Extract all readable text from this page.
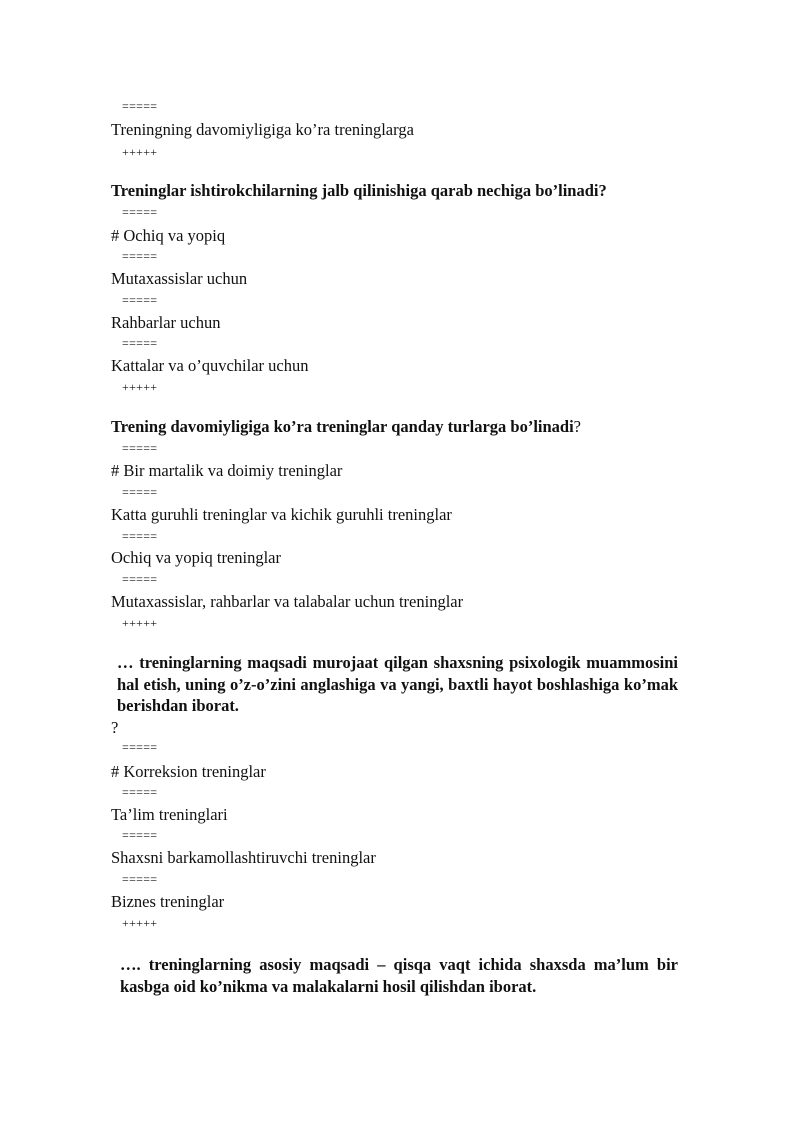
=====
Treningning davomiyligiga ko’ra treninglarga
+++++
Treninglar ishtirokchilarning jalb qilinishiga qarab nechiga bo’linadi?
=====
# Ochiq va yopiq
=====
Mutaxassislar uchun
=====
Rahbarlar uchun
=====
Kattalar va o’quvchilar uchun
+++++
Trening davomiyligiga ko’ra treninglar qanday turlarga bo’linadi?
=====
# Bir martalik va doimiy treninglar
=====
Katta guruhli treninglar va kichik guruhli treninglar
=====
Ochiq va yopiq treninglar
=====
Mutaxassislar, rahbarlar va talabalar uchun treninglar
+++++
… treninglarning maqsadi murojaat qilgan shaxsning psixologik muammosini hal etish, uning o’z-o’zini anglashiga va yangi, baxtli hayot boshlashiga ko’mak berishdan iborat.
?
=====
# Korreksion treninglar
=====
Ta’lim treninglari
=====
Shaxsni barkamollashtiruvchi treninglar
=====
Biznes treninglar
+++++
…. treninglarning asosiy maqsadi – qisqa vaqt ichida shaxsda ma’lum bir kasbga oid ko’nikma va malakalarni hosil qilishdan iborat.
